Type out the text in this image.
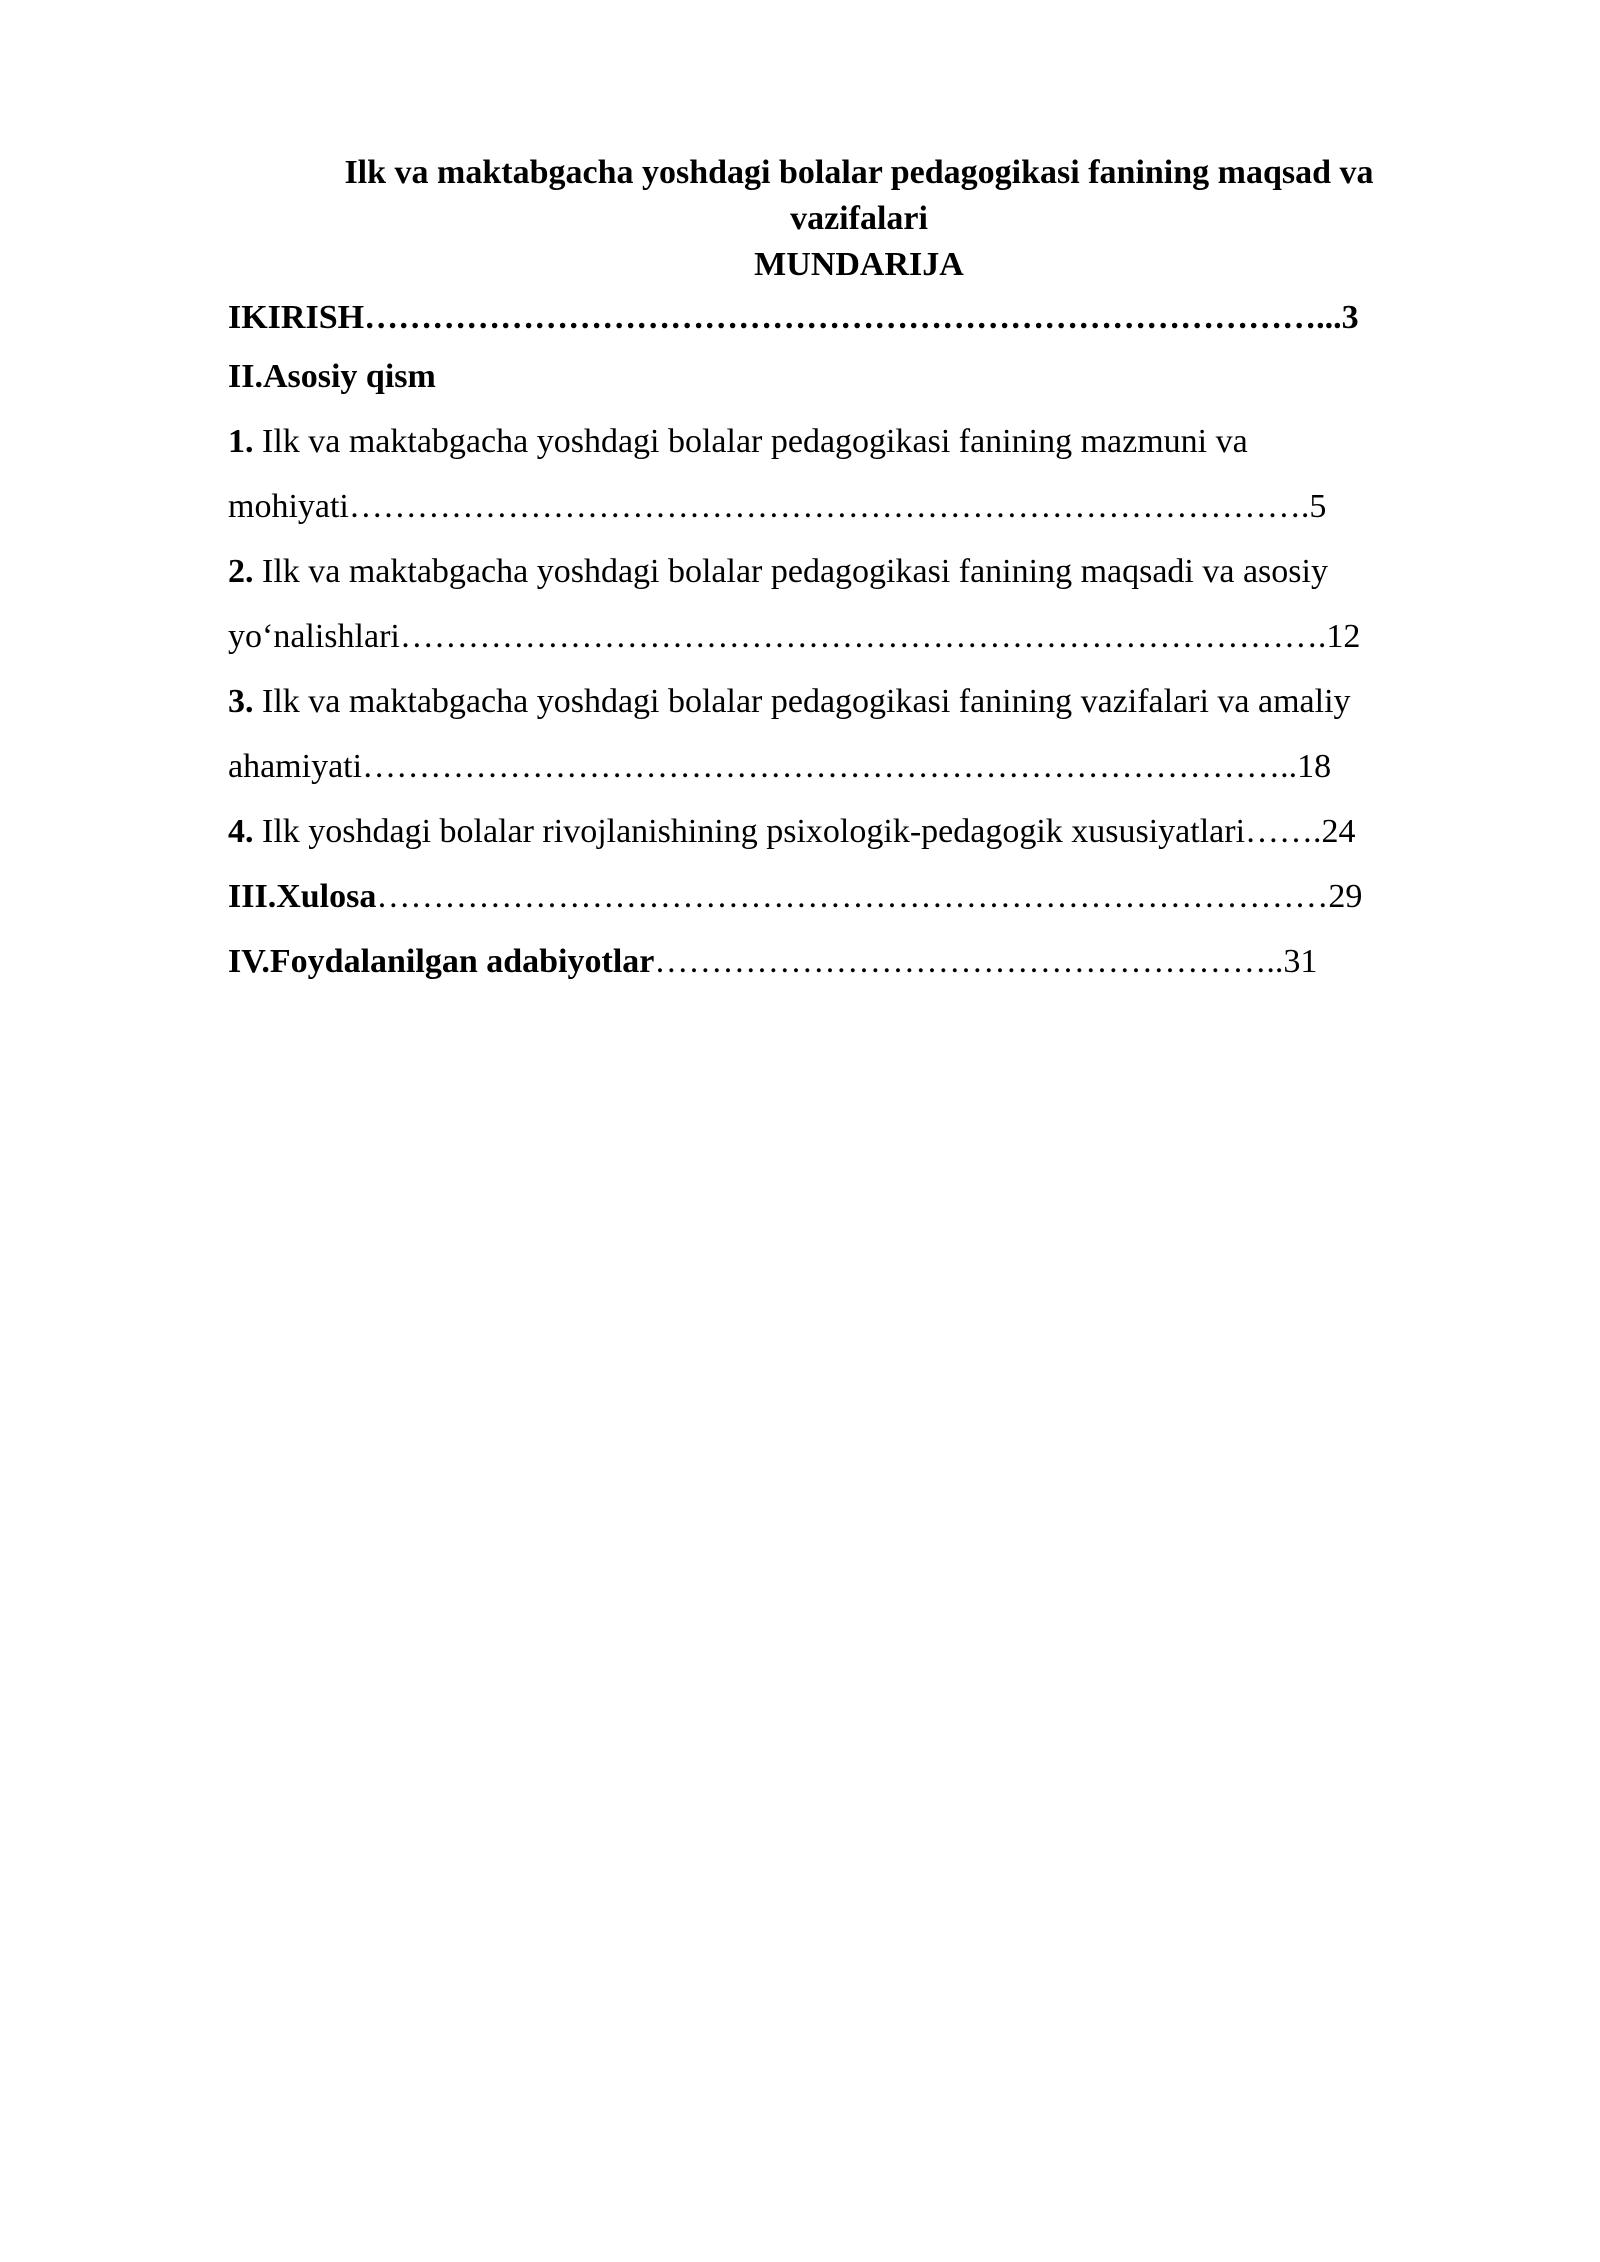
Ilk va maktabgacha yoshdagi bolalar pedagogikasi fanining maqsad va

vazifalari

MUNDARIJA

IKIRISH…………………………………………………………………………...3
II.Asosiy qism
1. Ilk va maktabgacha yoshdagi bolalar pedagogikasi fanining mazmuni va
mohiyati………………………………………………………………………….5
2. Ilk va maktabgacha yoshdagi bolalar pedagogikasi fanining maqsadi va asosiy
yo‘nalishlari……………………………………………………………………….12
3. Ilk va maktabgacha yoshdagi bolalar pedagogikasi fanining vazifalari va amaliy
ahamiyati………………………………………………………………………..18
4. Ilk yoshdagi bolalar rivojlanishining psixologik-pedagogik xususiyatlari…….24
III.Xulosa…………………………………………………………………………29
IV.Foydalanilgan adabiyotlar………………………………………………..31
